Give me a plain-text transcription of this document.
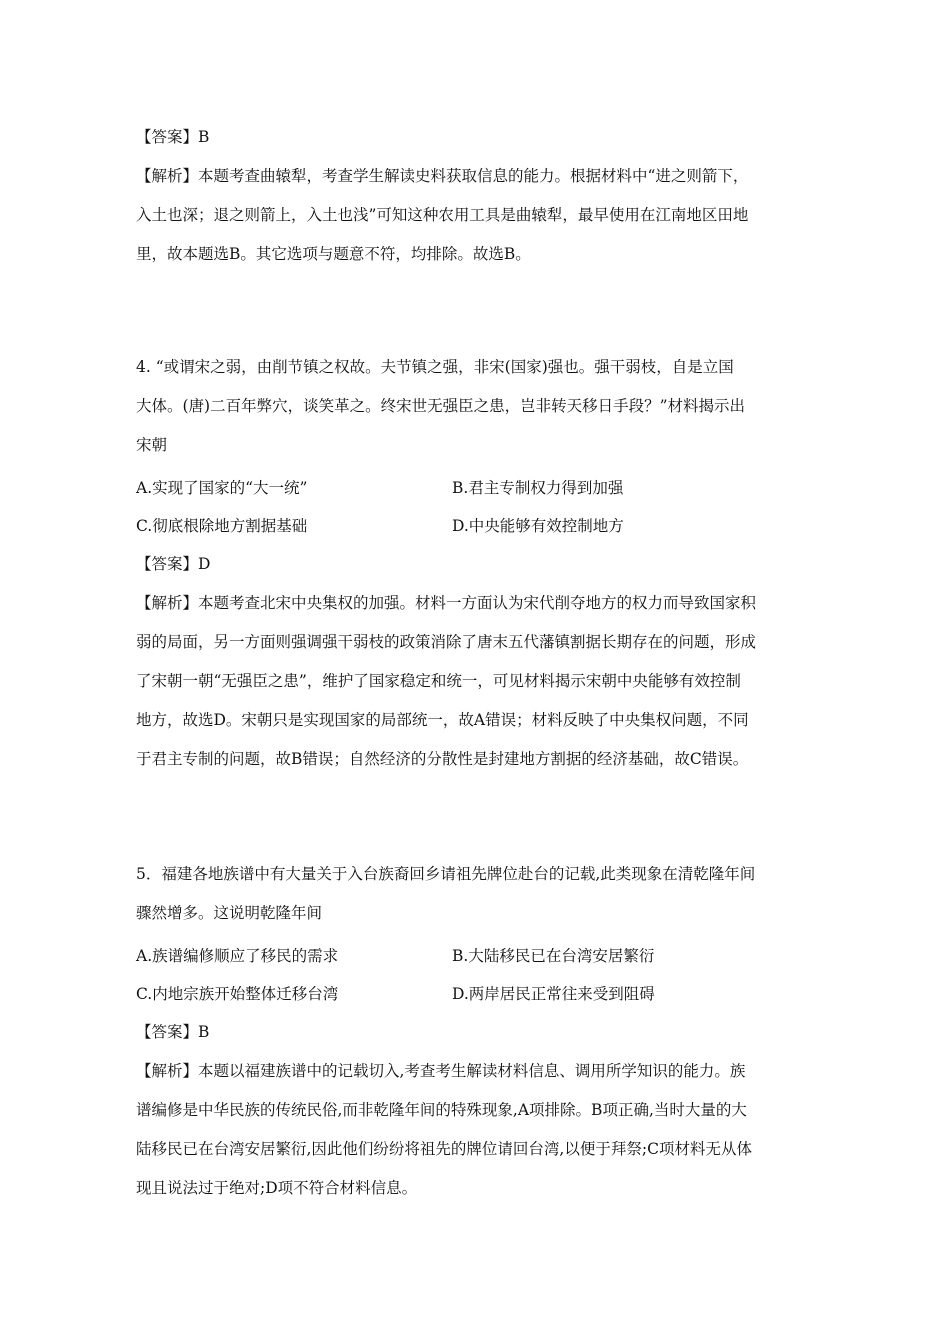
【答案】B
【解析】本题考查曲辕犁，考查学生解读史料获取信息的能力。根据材料中“进之则箭下，
入土也深；退之则箭上，入土也浅”可知这种农用工具是曲辕犁，最早使用在江南地区田地
里，故本题选B。其它选项与题意不符，均排除。故选B。
4. “或谓宋之弱，由削节镇之权故。夫节镇之强，非宋(国家)强也。强干弱枝，自是立国
大体。(唐)二百年弊穴，谈笑革之。终宋世无强臣之患，岂非转天移日手段？”材料揭示出
宋朝
A.实现了国家的“大一统”	B.君主专制权力得到加强
C.彻底根除地方割据基础	D.中央能够有效控制地方
【答案】D
【解析】本题考查北宋中央集权的加强。材料一方面认为宋代削夺地方的权力而导致国家积
弱的局面，另一方面则强调强干弱枝的政策消除了唐末五代藩镇割据长期存在的问题，形成
了宋朝一朝“无强臣之患”，维护了国家稳定和统一，可见材料揭示宋朝中央能够有效控制
地方，故选D。宋朝只是实现国家的局部统一，故A错误；材料反映了中央集权问题，不同
于君主专制的问题，故B错误；自然经济的分散性是封建地方割据的经济基础，故C错误。
5．福建各地族谱中有大量关于入台族裔回乡请祖先牌位赴台的记载,此类现象在清乾隆年间
骤然增多。这说明乾隆年间
A.族谱编修顺应了移民的需求	B.大陆移民已在台湾安居繁衍
C.内地宗族开始整体迁移台湾	D.两岸居民正常往来受到阻碍
【答案】B
【解析】本题以福建族谱中的记载切入,考查考生解读材料信息、调用所学知识的能力。族
谱编修是中华民族的传统民俗,而非乾隆年间的特殊现象,A项排除。B项正确,当时大量的大
陆移民已在台湾安居繁衍,因此他们纷纷将祖先的牌位请回台湾,以便于拜祭;C项材料无从体
现且说法过于绝对;D项不符合材料信息。
